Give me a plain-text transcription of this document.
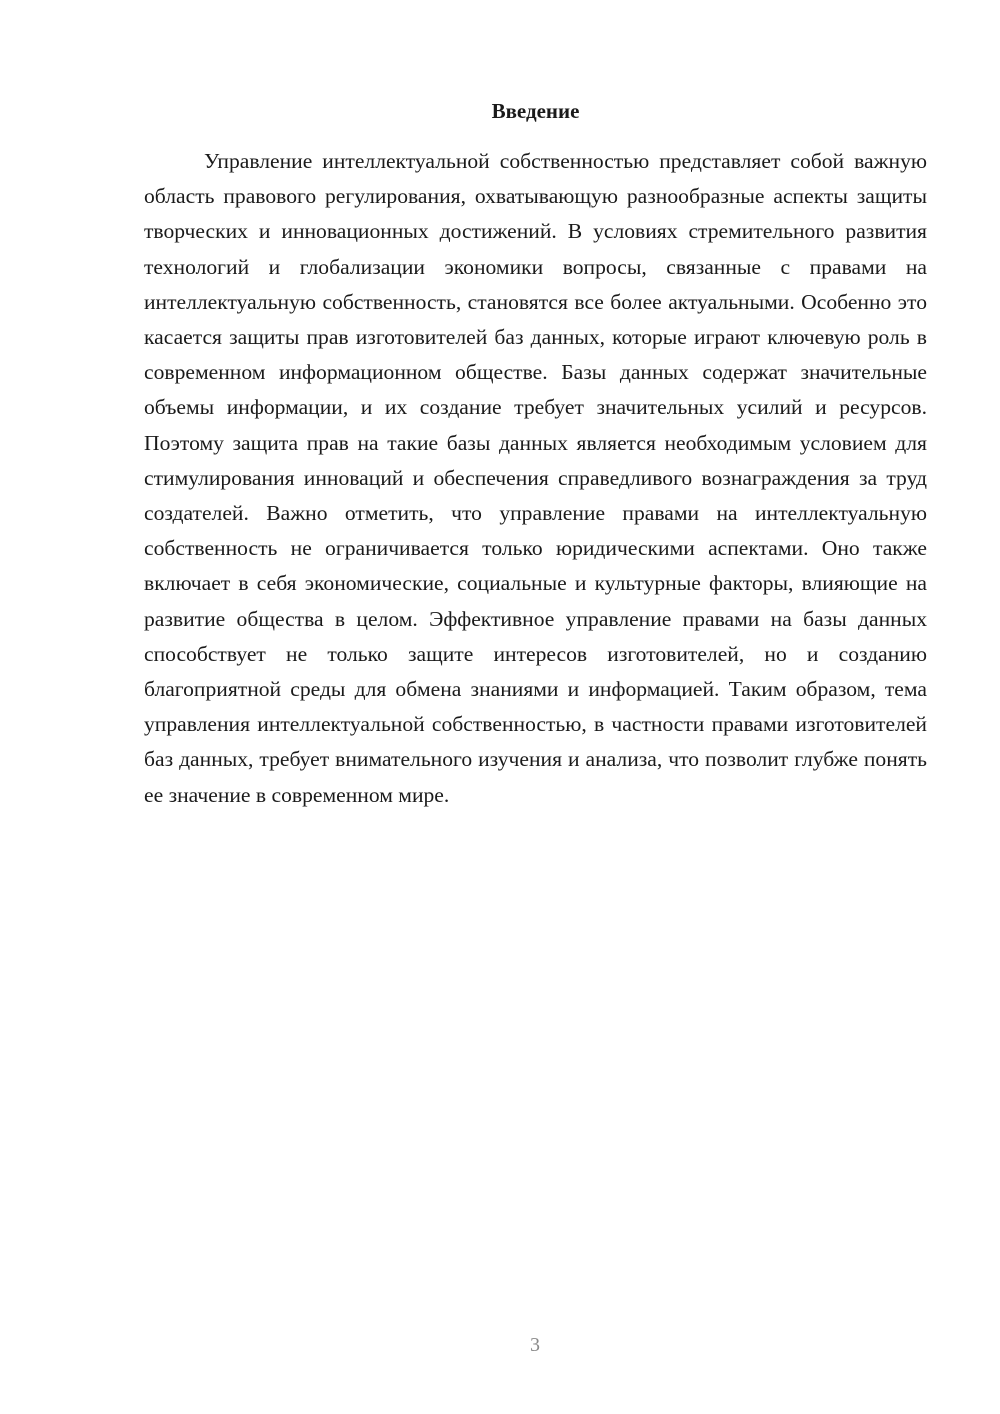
Введение

Управление интеллектуальной собственностью представляет собой важную область правового регулирования, охватывающую разнообразные аспекты защиты творческих и инновационных достижений. В условиях стремительного развития технологий и глобализации экономики вопросы, связанные с правами на интеллектуальную собственность, становятся все более актуальными. Особенно это касается защиты прав изготовителей баз данных, которые играют ключевую роль в современном информационном обществе. Базы данных содержат значительные объемы информации, и их создание требует значительных усилий и ресурсов. Поэтому защита прав на такие базы данных является необходимым условием для стимулирования инноваций и обеспечения справедливого вознаграждения за труд создателей. Важно отметить, что управление правами на интеллектуальную собственность не ограничивается только юридическими аспектами. Оно также включает в себя экономические, социальные и культурные факторы, влияющие на развитие общества в целом. Эффективное управление правами на базы данных способствует не только защите интересов изготовителей, но и созданию благоприятной среды для обмена знаниями и информацией. Таким образом, тема управления интеллектуальной собственностью, в частности правами изготовителей баз данных, требует внимательного изучения и анализа, что позволит глубже понять ее значение в современном мире.

3
